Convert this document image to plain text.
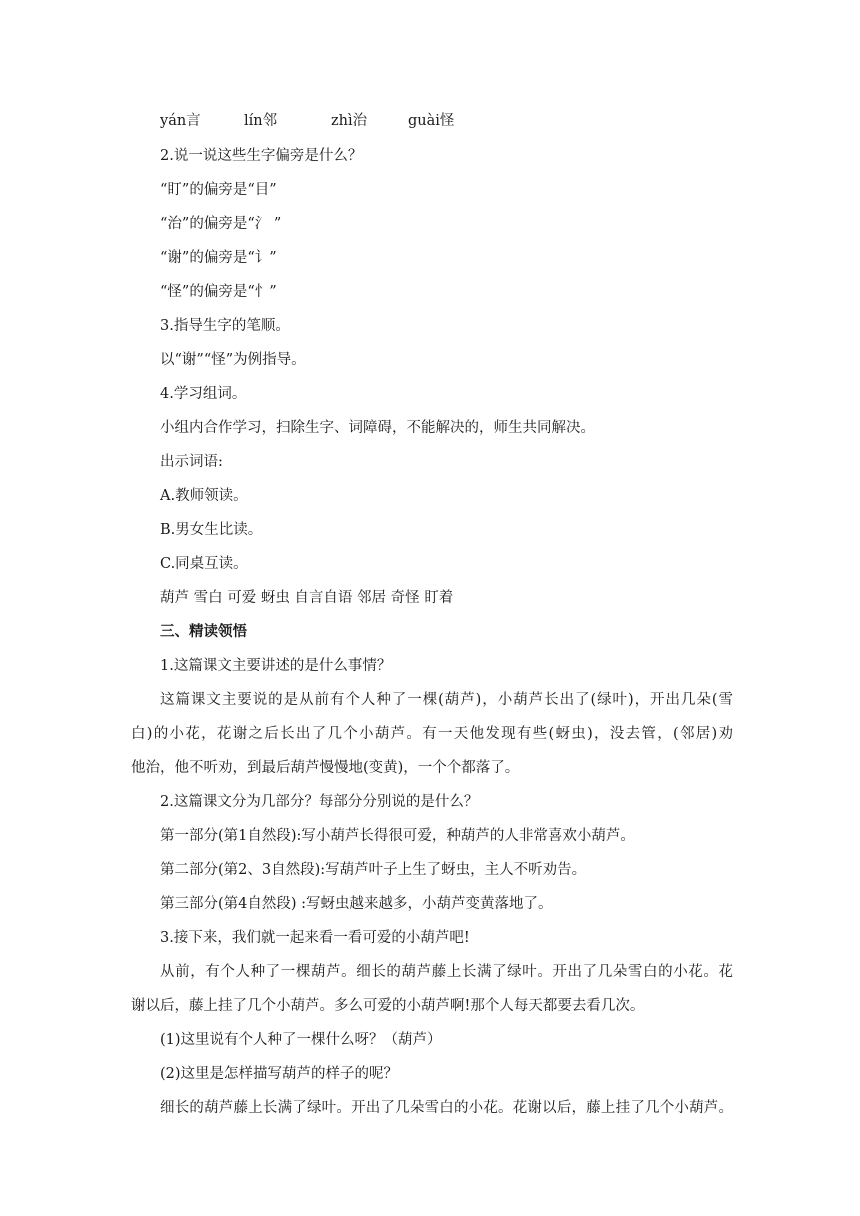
yán言	lín邻	zhì治	guài怪
2.说一说这些生字偏旁是什么？
“盯”的偏旁是“目”
“治”的偏旁是“氵 ”
“谢”的偏旁是“讠”
“怪”的偏旁是“忄”
3.指导生字的笔顺。
以“谢”“怪”为例指导。
4.学习组词。
小组内合作学习，扫除生字、词障碍，不能解决的，师生共同解决。
出示词语:
A.教师领读。
B.男女生比读。
C.同桌互读。
葫芦 雪白 可爱 蚜虫 自言自语 邻居 奇怪 盯着
三、精读领悟
1.这篇课文主要讲述的是什么事情？
这篇课文主要说的是从前有个人种了一棵(葫芦)，小葫芦长出了(绿叶)，开出几朵(雪
白)的小花，花谢之后长出了几个小葫芦。有一天他发现有些(蚜虫)，没去管，(邻居)劝
他治，他不听劝，到最后葫芦慢慢地(变黄)，一个个都落了。
2.这篇课文分为几部分？每部分分别说的是什么？
第一部分(第1自然段):写小葫芦长得很可爱，种葫芦的人非常喜欢小葫芦。
第二部分(第2、3自然段):写葫芦叶子上生了蚜虫，主人不听劝告。
第三部分(第4自然段) :写蚜虫越来越多，小葫芦变黄落地了。
3.接下来，我们就一起来看一看可爱的小葫芦吧!
从前，有个人种了一棵葫芦。细长的葫芦藤上长满了绿叶。开出了几朵雪白的小花。花
谢以后，藤上挂了几个小葫芦。多么可爱的小葫芦啊!那个人每天都要去看几次。
(1)这里说有个人种了一棵什么呀？（葫芦）
(2)这里是怎样描写葫芦的样子的呢？
细长的葫芦藤上长满了绿叶。开出了几朵雪白的小花。花谢以后，藤上挂了几个小葫芦。
